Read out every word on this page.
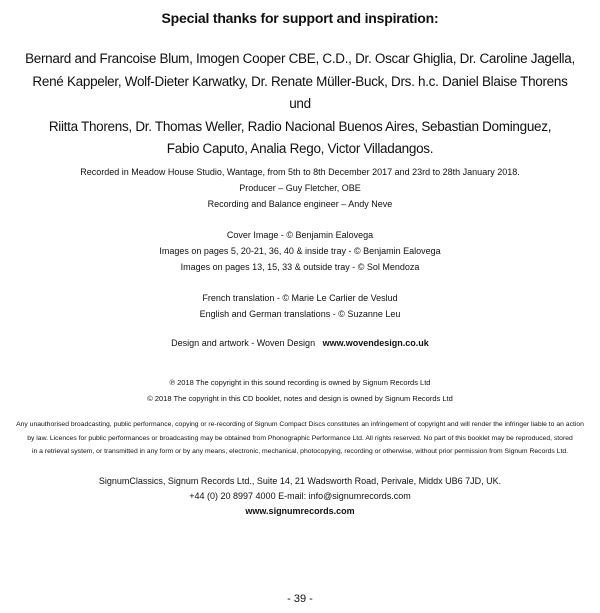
Special thanks for support and inspiration:

Bernard and Francoise Blum, Imogen Cooper CBE, C.D., Dr. Oscar Ghiglia, Dr. Caroline Jagella,

René Kappeler, Wolf-Dieter Karwatky, Dr. Renate Müller-Buck, Drs. h.c. Daniel Blaise Thorens und

Riitta Thorens, Dr. Thomas Weller, Radio Nacional Buenos Aires, Sebastian Dominguez,

Fabio Caputo, Analia Rego, Victor Villadangos.

Recorded in Meadow House Studio, Wantage, from 5th to 8th December 2017 and 23rd to 28th January 2018.

Producer – Guy Fletcher, OBE

Recording and Balance engineer – Andy Neve

Cover Image - © Benjamin Ealovega

Images on pages 5, 20-21, 36, 40 & inside tray - © Benjamin Ealovega

Images on pages 13, 15, 33 & outside tray - © Sol Mendoza

French translation - © Marie Le Carlier de Veslud

English and German translations - © Suzanne Leu

Design and artwork - Woven Design www.wovendesign.co.uk

℗ 2018 The copyright in this sound recording is owned by Signum Records Ltd

© 2018 The copyright in this CD booklet, notes and design is owned by Signum Records Ltd

Any unauthorised broadcasting, public performance, copying or re-recording of Signum Compact Discs constitutes an infringement of copyright and will render the infringer liable to an action

by law. Licences for public performances or broadcasting may be obtained from Phonographic Performance Ltd. All rights reserved. No part of this booklet may be reproduced, stored

in a retrieval system, or transmitted in any form or by any means, electronic, mechanical, photocopying, recording or otherwise, without prior permission from Signum Records Ltd.

SignumClassics, Signum Records Ltd., Suite 14, 21 Wadsworth Road, Perivale, Middx UB6 7JD, UK.

+44 (0) 20 8997 4000 E-mail: info@signumrecords.com

www.signumrecords.com

- 39 -
